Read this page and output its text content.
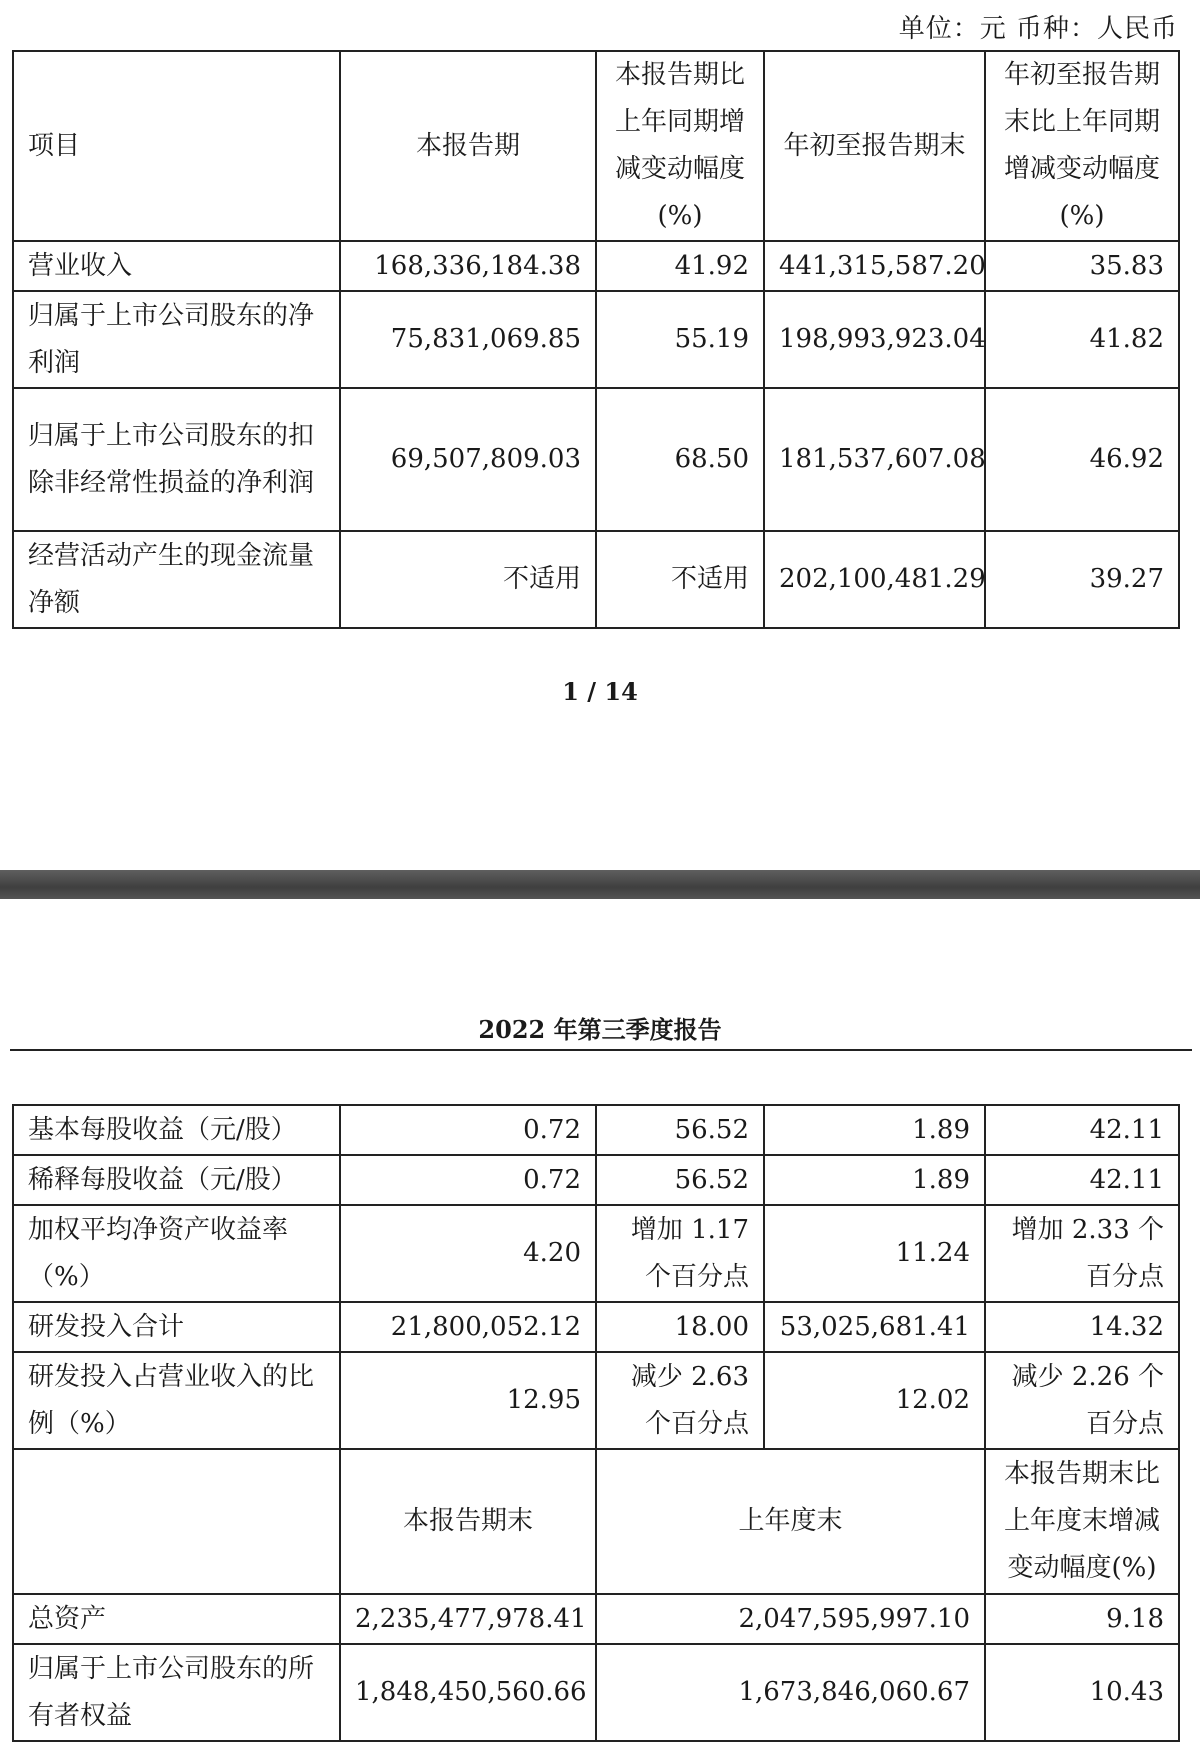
单位：元 币种：人民币
项目	本报告期	本报告期比上年同期增减变动幅度(%)	年初至报告期末	年初至报告期末比上年同期增减变动幅度(%)
营业收入	168,336,184.38	41.92	441,315,587.20	35.83
归属于上市公司股东的净利润	75,831,069.85	55.19	198,993,923.04	41.82
归属于上市公司股东的扣除非经常性损益的净利润	69,507,809.03	68.50	181,537,607.08	46.92
经营活动产生的现金流量净额	不适用	不适用	202,100,481.29	39.27
1 / 14
2022 年第三季度报告
基本每股收益（元/股）	0.72	56.52	1.89	42.11
稀释每股收益（元/股）	0.72	56.52	1.89	42.11
加权平均净资产收益率（%）	4.20	增加 1.17 个百分点	11.24	增加 2.33 个百分点
研发投入合计	21,800,052.12	18.00	53,025,681.41	14.32
研发投入占营业收入的比例（%）	12.95	减少 2.63 个百分点	12.02	减少 2.26 个百分点
	本报告期末	上年度末		本报告期末比上年度末增减变动幅度(%)
总资产	2,235,477,978.41	2,047,595,997.10		9.18
归属于上市公司股东的所有者权益	1,848,450,560.66	1,673,846,060.67		10.43
